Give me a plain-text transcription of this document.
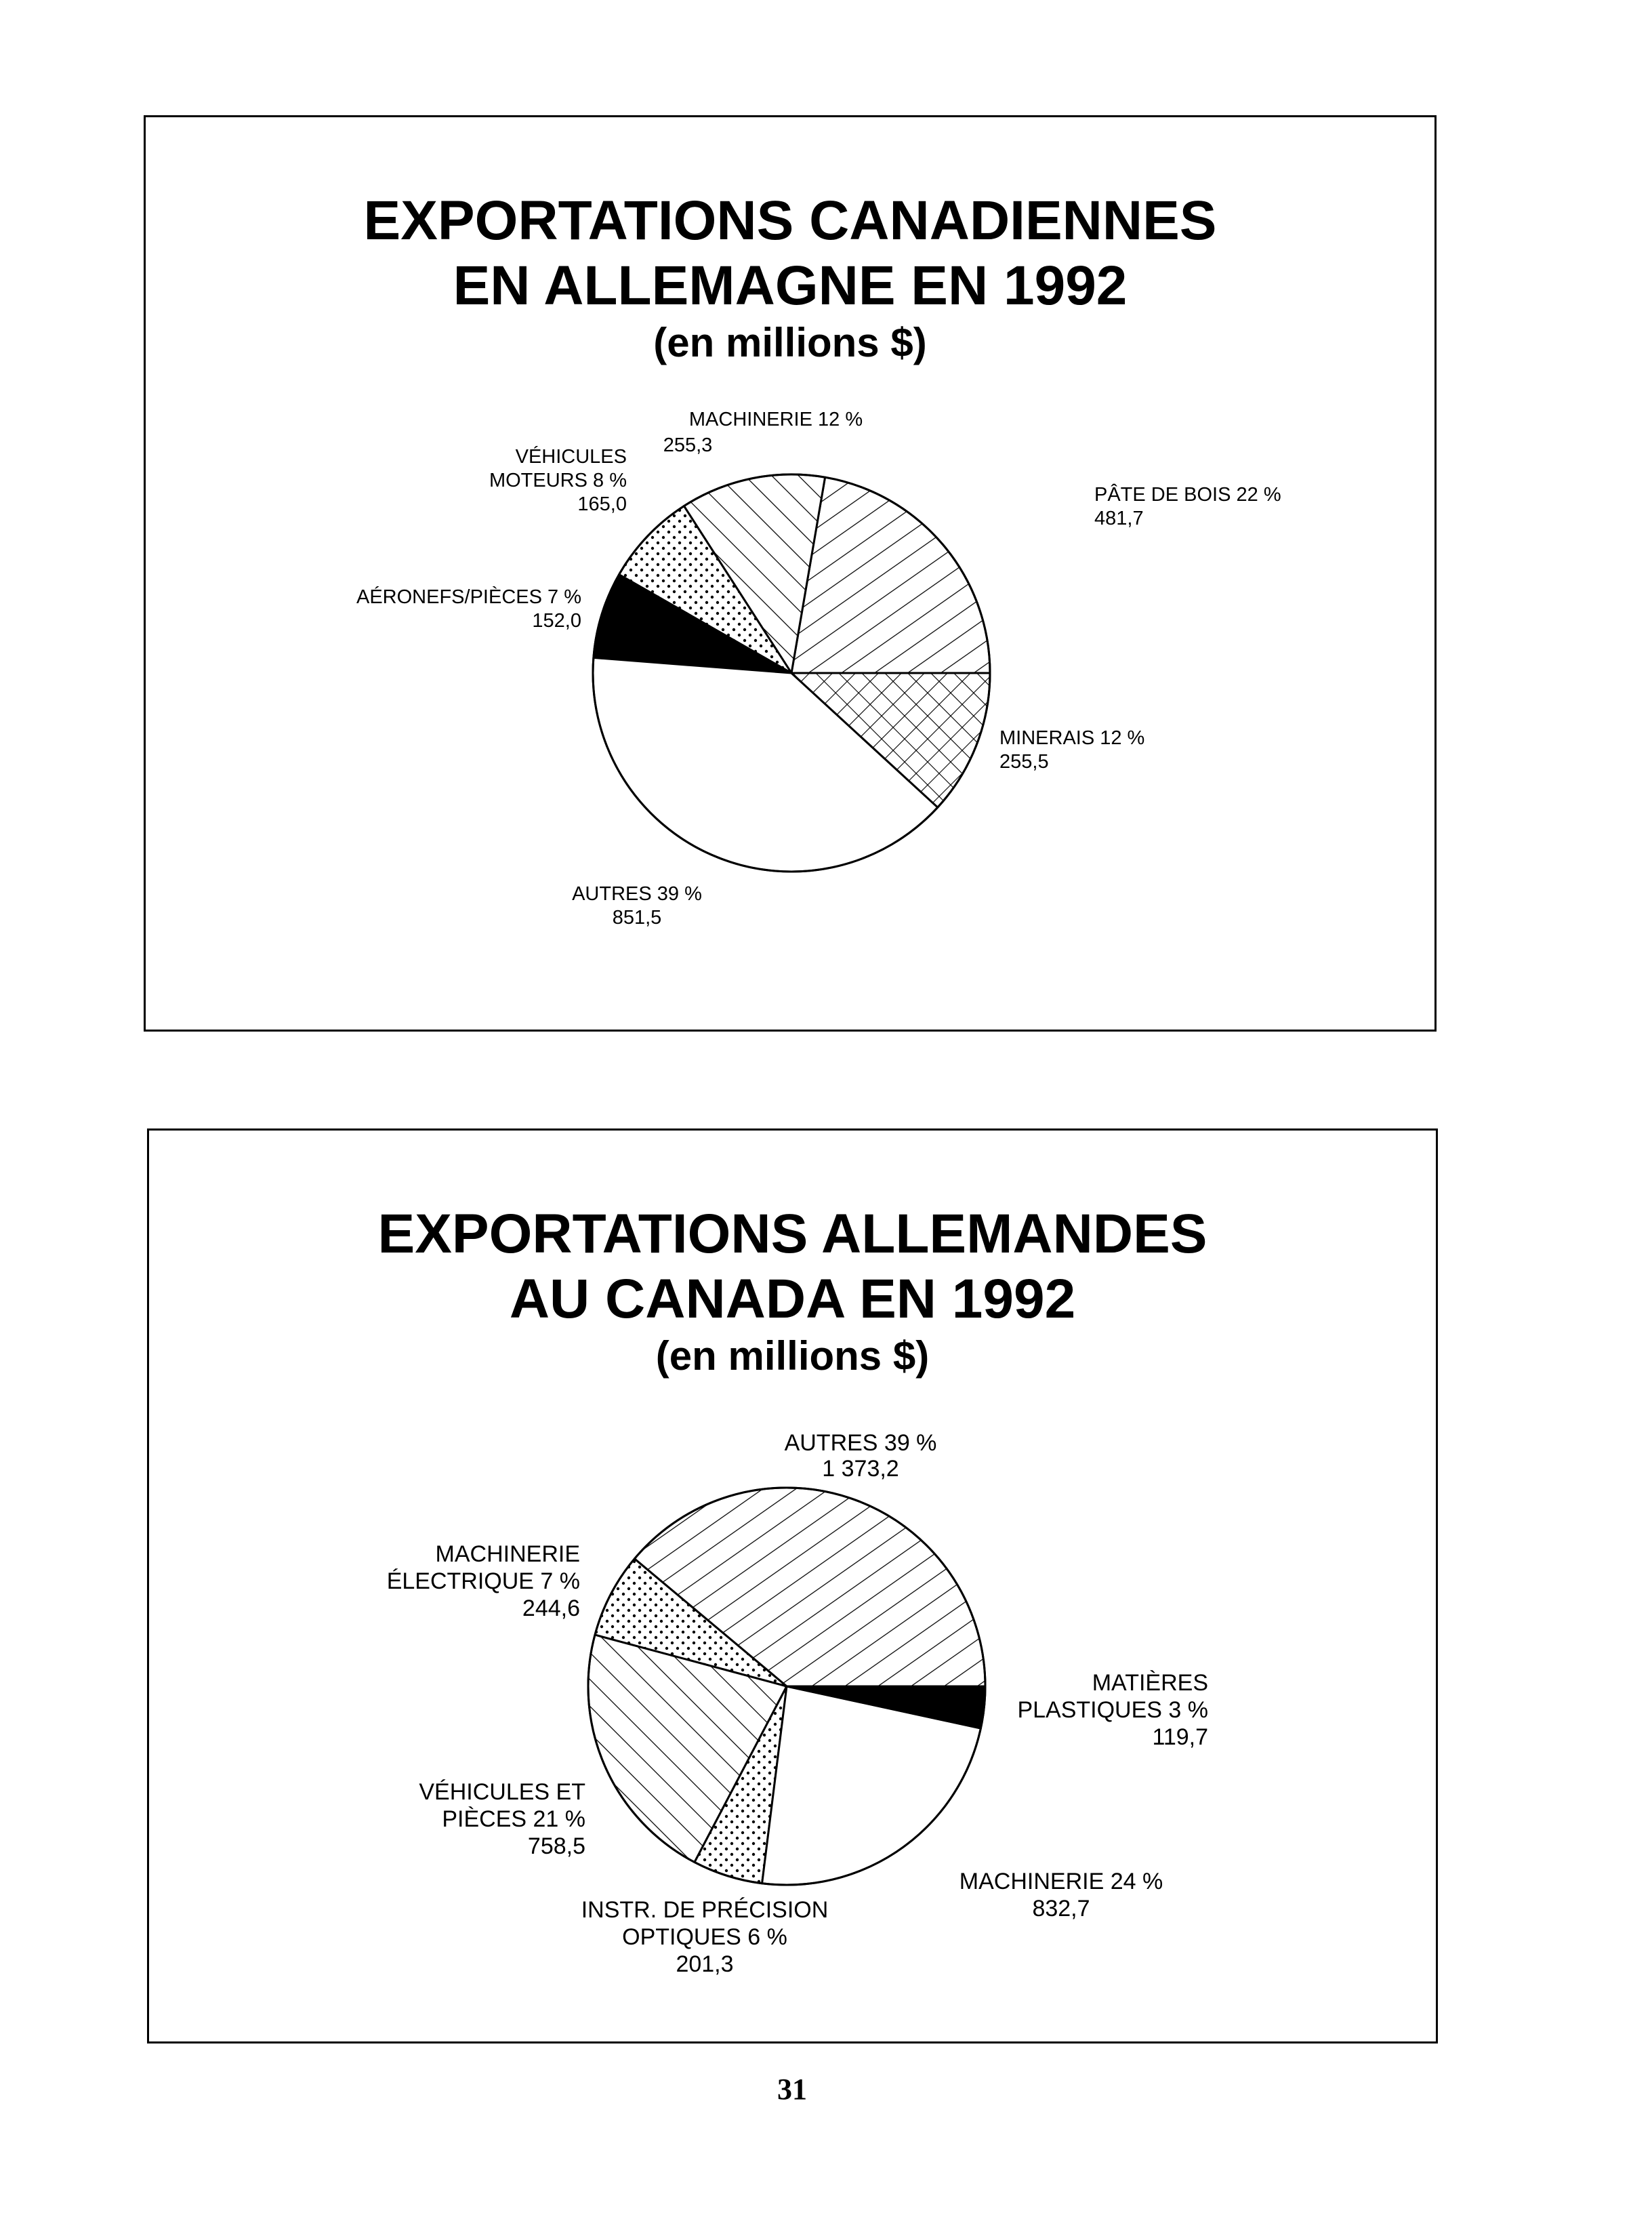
EXPORTATIONS CANADIENNES
EN ALLEMAGNE EN 1992
(en millions $)
MACHINERIE 12 %
255,3
VÉHICULES
MOTEURS 8 %
165,0	PÂTE DE BOIS 22 %
481,7
AÉRONEFS/PIÈCES 7 %
152,0
MINERAIS 12 %
255,5
AUTRES 39 %
851,5
EXPORTATIONS ALLEMANDES
AU CANADA EN 1992
(en millions $)
AUTRES 39 %
1 373,2
MACHINERIE
ÉLECTRIQUE 7 %
244,6
MATIÈRES
PLASTIQUES 3 %
119,7
VÉHICULES ET
PIÈCES 21 %
758,5
MACHINERIE 24 %
832,7
INSTR. DE PRÉCISION
OPTIQUES 6 %
201,3
31
